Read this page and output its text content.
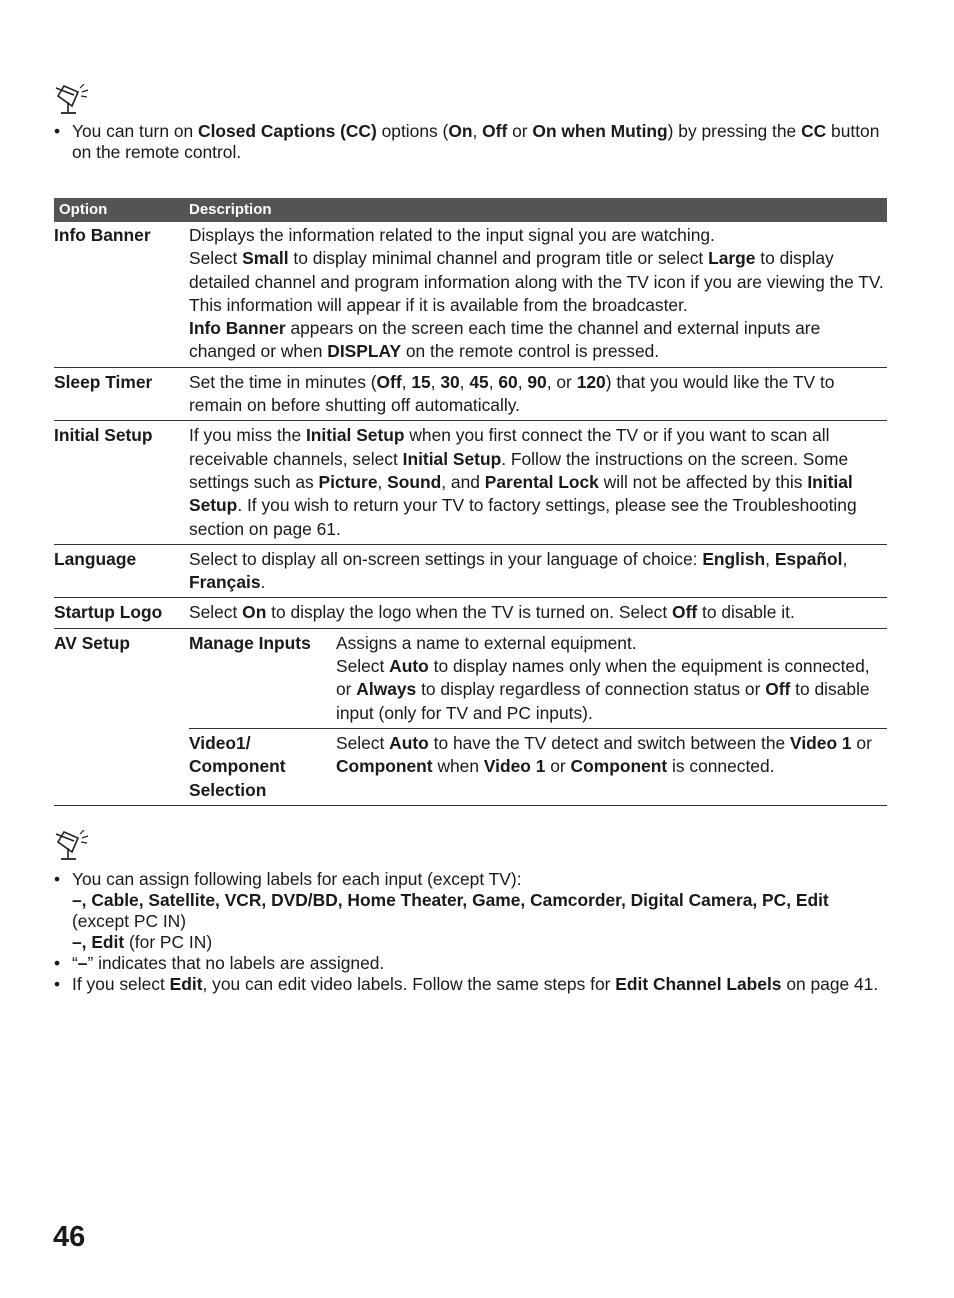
• You can turn on Closed Captions (CC) options (On, Off or On when Muting) by pressing the CC button on the remote control.
Option	Description	
Info Banner	Displays the information related to the input signal you are watching.
Select Small to display minimal channel and program title or select Large to display detailed channel and program information along with the TV icon if you are viewing the TV. This information will appear if it is available from the broadcaster.
Info Banner appears on the screen each time the channel and external inputs are changed or when DISPLAY on the remote control is pressed.	

Sleep Timer	Set the time in minutes (Off, 15, 30, 45, 60, 90, or 120) that you would like the TV to remain on before shutting off automatically.	
Initial Setup	If you miss the Initial Setup when you first connect the TV or if you want to scan all receivable channels, select Initial Setup. Follow the instructions on the screen. Some settings such as Picture, Sound, and Parental Lock will not be affected by this Initial Setup. If you wish to return your TV to factory settings, please see the Troubleshooting section on page 61.	
Language	Select to display all on-screen settings in your language of choice: English, Español, Français.	
Startup Logo	Select On to display the logo when the TV is turned on. Select Off to disable it.	
AV Setup	Manage Inputs	Assigns a name to external equipment.
Select Auto to display names only when the equipment is connected, or Always to display regardless of connection status or Off to disable input (only for TV and PC inputs).

	Video1/ Component Selection	Select Auto to have the TV detect and switch between the Video 1 or Component when Video 1 or Component is connected.
• You can assign following labels for each input (except TV):
–, Cable, Satellite, VCR, DVD/BD, Home Theater, Game, Camcorder, Digital Camera, PC, Edit (except PC IN)
–, Edit (for PC IN)
• “–” indicates that no labels are assigned.
• If you select Edit, you can edit video labels. Follow the same steps for Edit Channel Labels on page 41.
46
